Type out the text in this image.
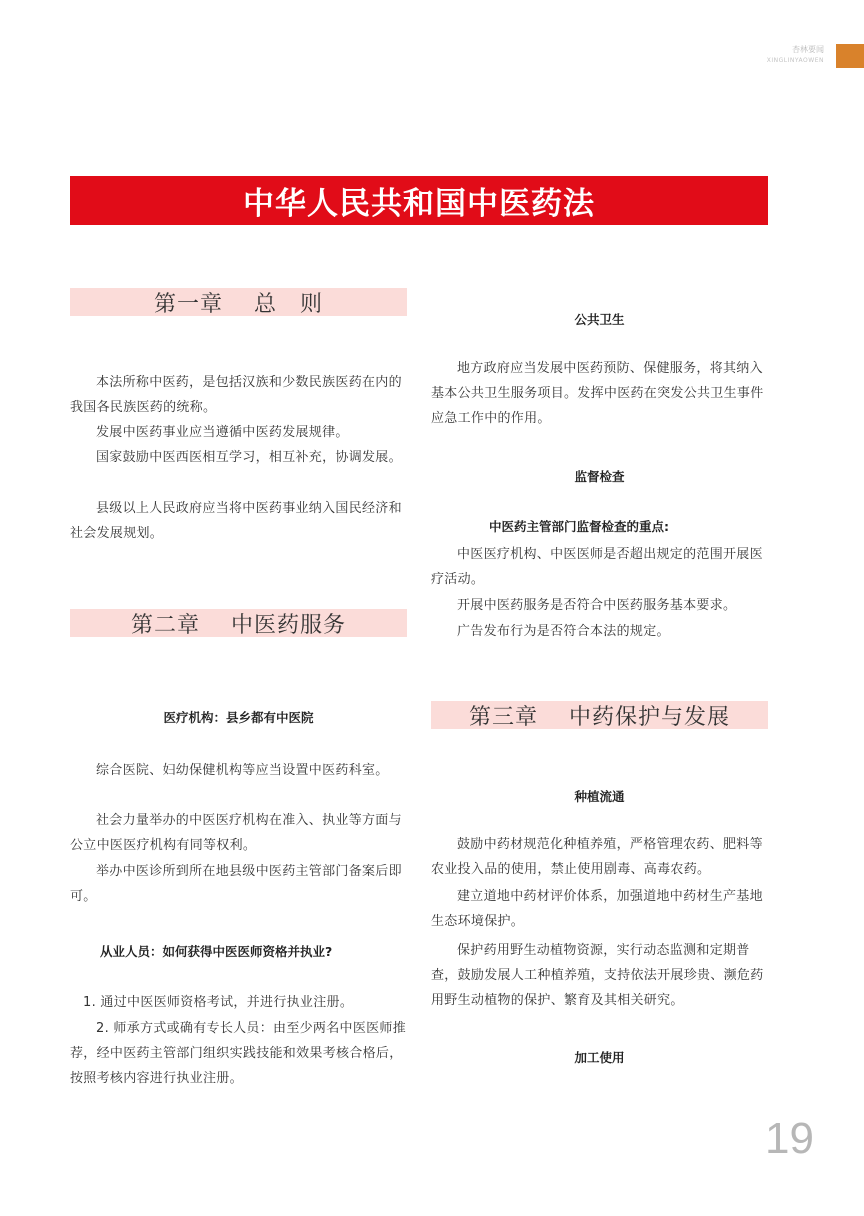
杏林要闻
XINGLINYAOWEN
中华人民共和国中医药法
第一章　 总　则

本法所称中医药，是包括汉族和少数民族医药在内的我国各民族医药的统称。

发展中医药事业应当遵循中医药发展规律。

国家鼓励中医西医相互学习，相互补充，协调发展。

县级以上人民政府应当将中医药事业纳入国民经济和社会发展规划。

第二章　 中医药服务
医疗机构：县乡都有中医院

综合医院、妇幼保健机构等应当设置中医药科室。

社会力量举办的中医医疗机构在准入、执业等方面与公立中医医疗机构有同等权利。

举办中医诊所到所在地县级中医药主管部门备案后即可。

从业人员：如何获得中医医师资格并执业?

1. 通过中医医师资格考试，并进行执业注册。

2. 师承方式或确有专长人员：由至少两名中医医师推荐，经中医药主管部门组织实践技能和效果考核合格后，按照考核内容进行执业注册。

公共卫生

地方政府应当发展中医药预防、保健服务，将其纳入基本公共卫生服务项目。发挥中医药在突发公共卫生事件应急工作中的作用。

监督检查
中医药主管部门监督检查的重点:

中医医疗机构、中医医师是否超出规定的范围开展医疗活动。

开展中医药服务是否符合中医药服务基本要求。

广告发布行为是否符合本法的规定。

第三章　 中药保护与发展
种植流通

鼓励中药材规范化种植养殖，严格管理农药、肥料等农业投入品的使用，禁止使用剧毒、高毒农药。

建立道地中药材评价体系，加强道地中药材生产基地生态环境保护。

保护药用野生动植物资源，实行动态监测和定期普查，鼓励发展人工种植养殖，支持依法开展珍贵、濒危药用野生动植物的保护、繁育及其相关研究。

加工使用
19
